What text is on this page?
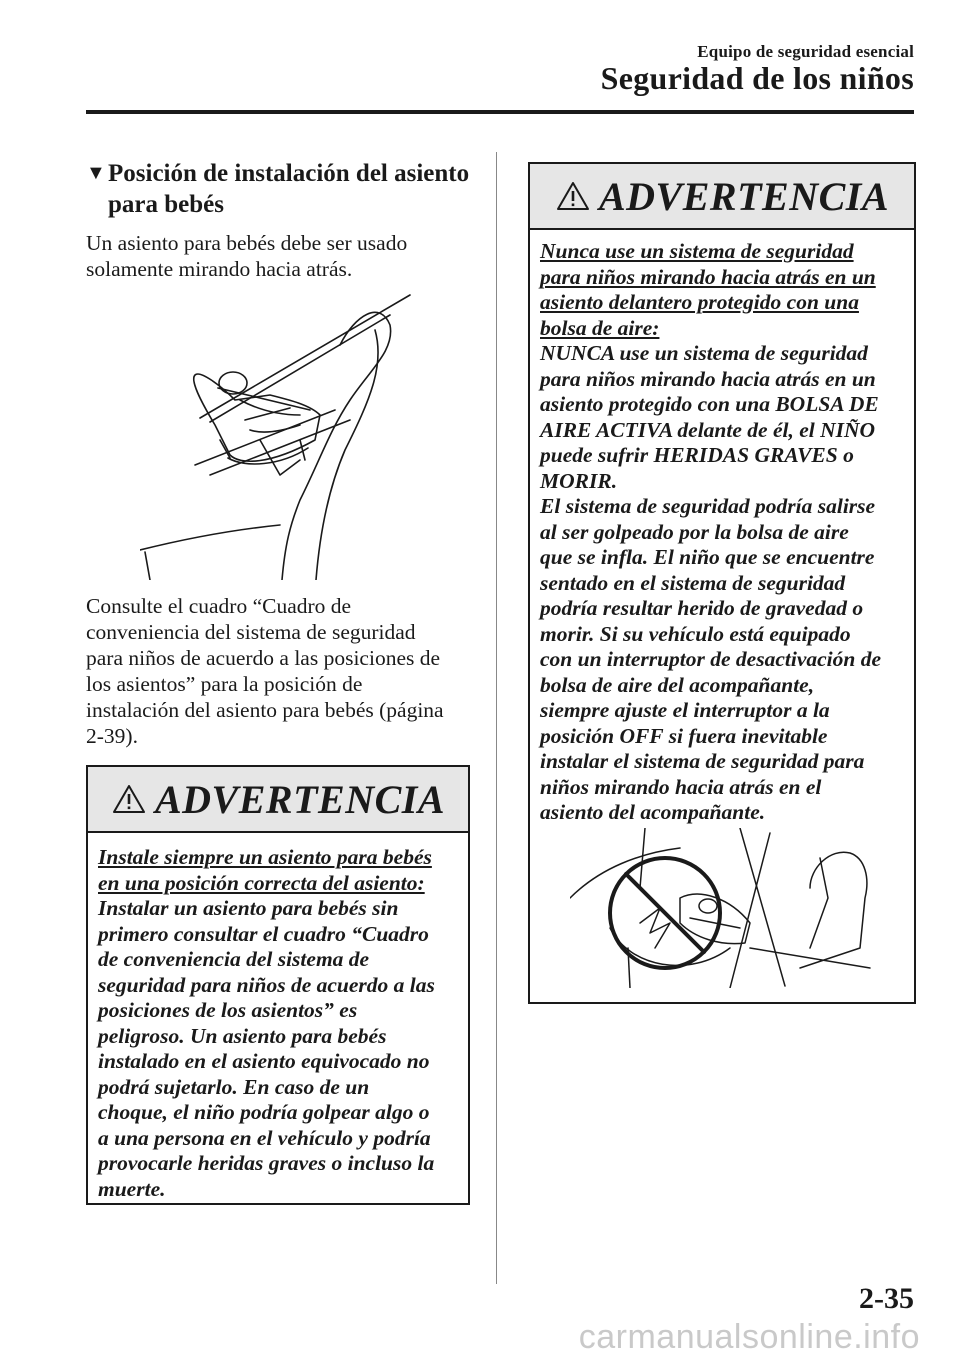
Equipo de seguridad esencial
Seguridad de los niños
▼Posición de instalación del asiento
para bebés
Un asiento para bebés debe ser usado
solamente mirando hacia atrás.
Consulte el cuadro “Cuadro de
conveniencia del sistema de seguridad
para niños de acuerdo a las posiciones de
los asientos” para la posición de
instalación del asiento para bebés (página
2-39).
ADVERTENCIA
Instale siempre un asiento para bebés
en una posición correcta del asiento:
Instalar un asiento para bebés sin
primero consultar el cuadro “Cuadro
de conveniencia del sistema de
seguridad para niños de acuerdo a las
posiciones de los asientos” es
peligroso. Un asiento para bebés
instalado en el asiento equivocado no
podrá sujetarlo. En caso de un
choque, el niño podría golpear algo o
a una persona en el vehículo y podría
provocarle heridas graves o incluso la
muerte.
ADVERTENCIA
Nunca use un sistema de seguridad
para niños mirando hacia atrás en un
asiento delantero protegido con una
bolsa de aire:
NUNCA use un sistema de seguridad
para niños mirando hacia atrás en un
asiento protegido con una BOLSA DE
AIRE ACTIVA delante de él, el NIÑO
puede sufrir HERIDAS GRAVES o
MORIR.
El sistema de seguridad podría salirse
al ser golpeado por la bolsa de aire
que se infla. El niño que se encuentre
sentado en el sistema de seguridad
podría resultar herido de gravedad o
morir. Si su vehículo está equipado
con un interruptor de desactivación de
bolsa de aire del acompañante,
siempre ajuste el interruptor a la
posición OFF si fuera inevitable
instalar el sistema de seguridad para
niños mirando hacia atrás en el
asiento del acompañante.
2-35
carmanualsonline.info
